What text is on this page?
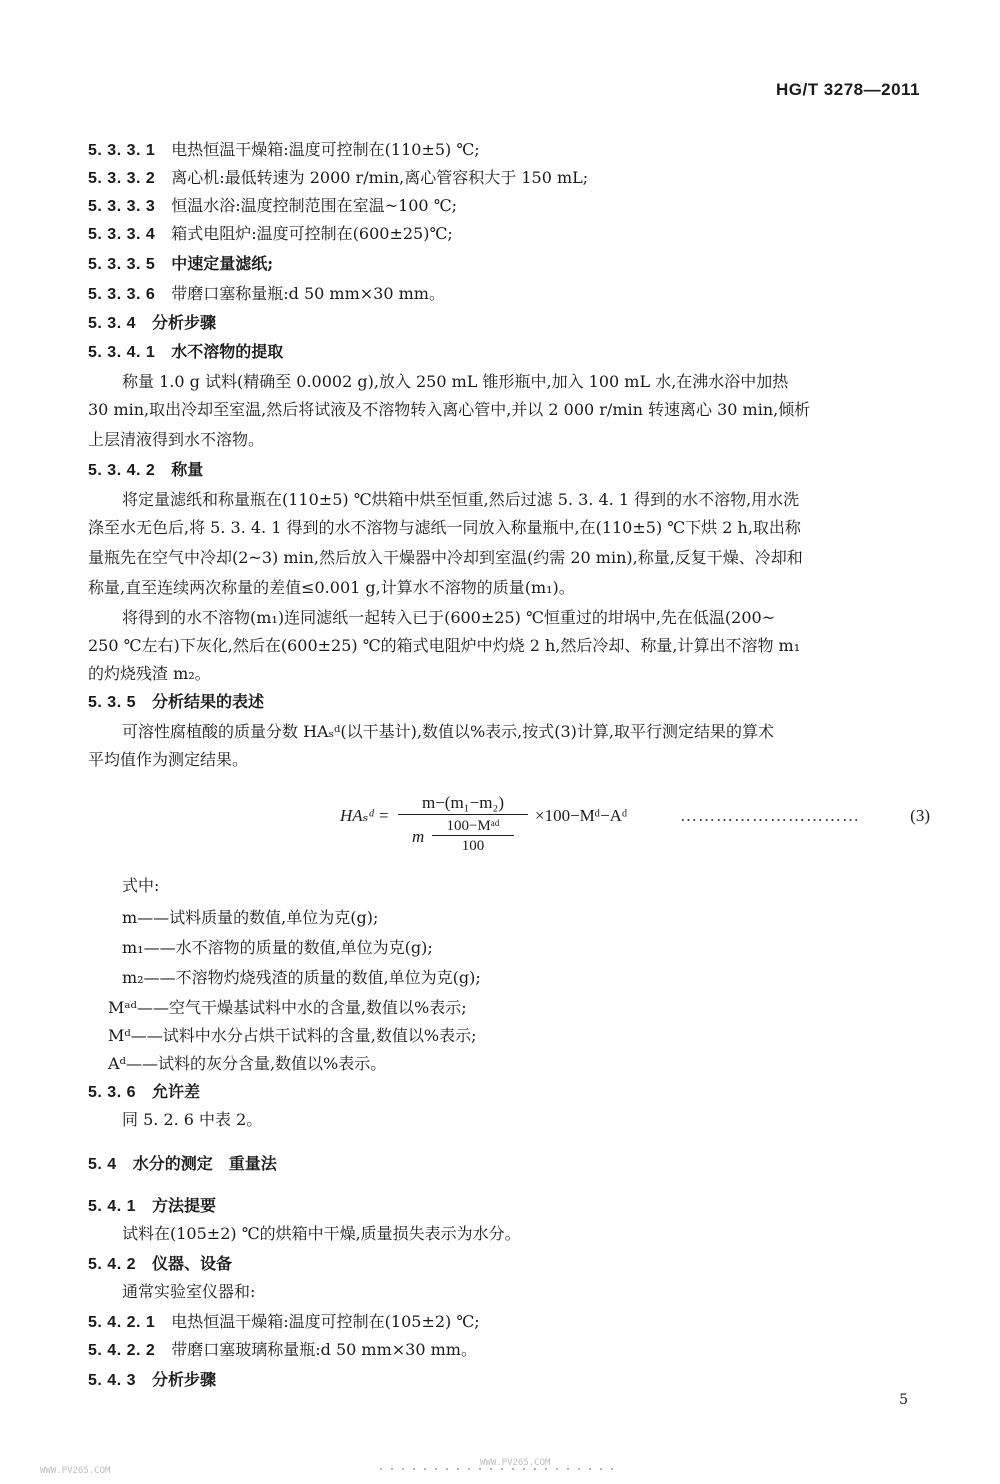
HG/T 3278—2011
5. 3. 3. 1   电热恒温干燥箱:温度可控制在(110±5) ℃;
5. 3. 3. 2   离心机:最低转速为 2000 r/min,离心管容积大于 150 mL;
5. 3. 3. 3   恒温水浴:温度控制范围在室温~100 ℃;
5. 3. 3. 4   箱式电阻炉:温度可控制在(600±25)℃;
5. 3. 3. 5   中速定量滤纸;
5. 3. 3. 6   带磨口塞称量瓶:d 50 mm×30 mm。
5. 3. 4   分析步骤
5. 3. 4. 1   水不溶物的提取
称量 1.0 g 试料(精确至 0.0002 g),放入 250 mL 锥形瓶中,加入 100 mL 水,在沸水浴中加热
30 min,取出冷却至室温,然后将试液及不溶物转入离心管中,并以 2 000 r/min 转速离心 30 min,倾析
上层清液得到水不溶物。
5. 3. 4. 2   称量
将定量滤纸和称量瓶在(110±5) ℃烘箱中烘至恒重,然后过滤 5. 3. 4. 1 得到的水不溶物,用水洗
涤至水无色后,将 5. 3. 4. 1 得到的水不溶物与滤纸一同放入称量瓶中,在(110±5) ℃下烘 2 h,取出称
量瓶先在空气中冷却(2~3) min,然后放入干燥器中冷却到室温(约需 20 min),称量,反复干燥、冷却和
称量,直至连续两次称量的差值≤0.001 g,计算水不溶物的质量(m₁)。
将得到的水不溶物(m₁)连同滤纸一起转入已于(600±25) ℃恒重过的坩埚中,先在低温(200~
250 ℃左右)下灰化,然后在(600±25) ℃的箱式电阻炉中灼烧 2 h,然后冷却、称量,计算出不溶物 m₁
的灼烧残渣 m₂。
5. 3. 5   分析结果的表述
可溶性腐植酸的质量分数 HAₛᵈ(以干基计),数值以%表示,按式(3)计算,取平行测定结果的算术
平均值作为测定结果。
式中:
m——试料质量的数值,单位为克(g);
m₁——水不溶物的质量的数值,单位为克(g);
m₂——不溶物灼烧残渣的质量的数值,单位为克(g);
Mᵃᵈ——空气干燥基试料中水的含量,数值以%表示;
Mᵈ——试料中水分占烘干试料的含量,数值以%表示;
Aᵈ——试料的灰分含量,数值以%表示。
5. 3. 6   允许差
同 5. 2. 6 中表 2。
5. 4   水分的测定　重量法
5. 4. 1   方法提要
试料在(105±2) ℃的烘箱中干燥,质量损失表示为水分。
5. 4. 2   仪器、设备
通常实验室仪器和:
5. 4. 2. 1   电热恒温干燥箱:温度可控制在(105±2) ℃;
5. 4. 2. 2   带磨口塞玻璃称量瓶:d 50 mm×30 mm。
5. 4. 3   分析步骤
HAₛᵈ =
m−(m₁−m₂)
m
100−Mᵃᵈ
100
×100−Mᵈ−Aᵈ	…………………………	(3)
5
WWW.PV265.COM
WWW.PV265.COM
